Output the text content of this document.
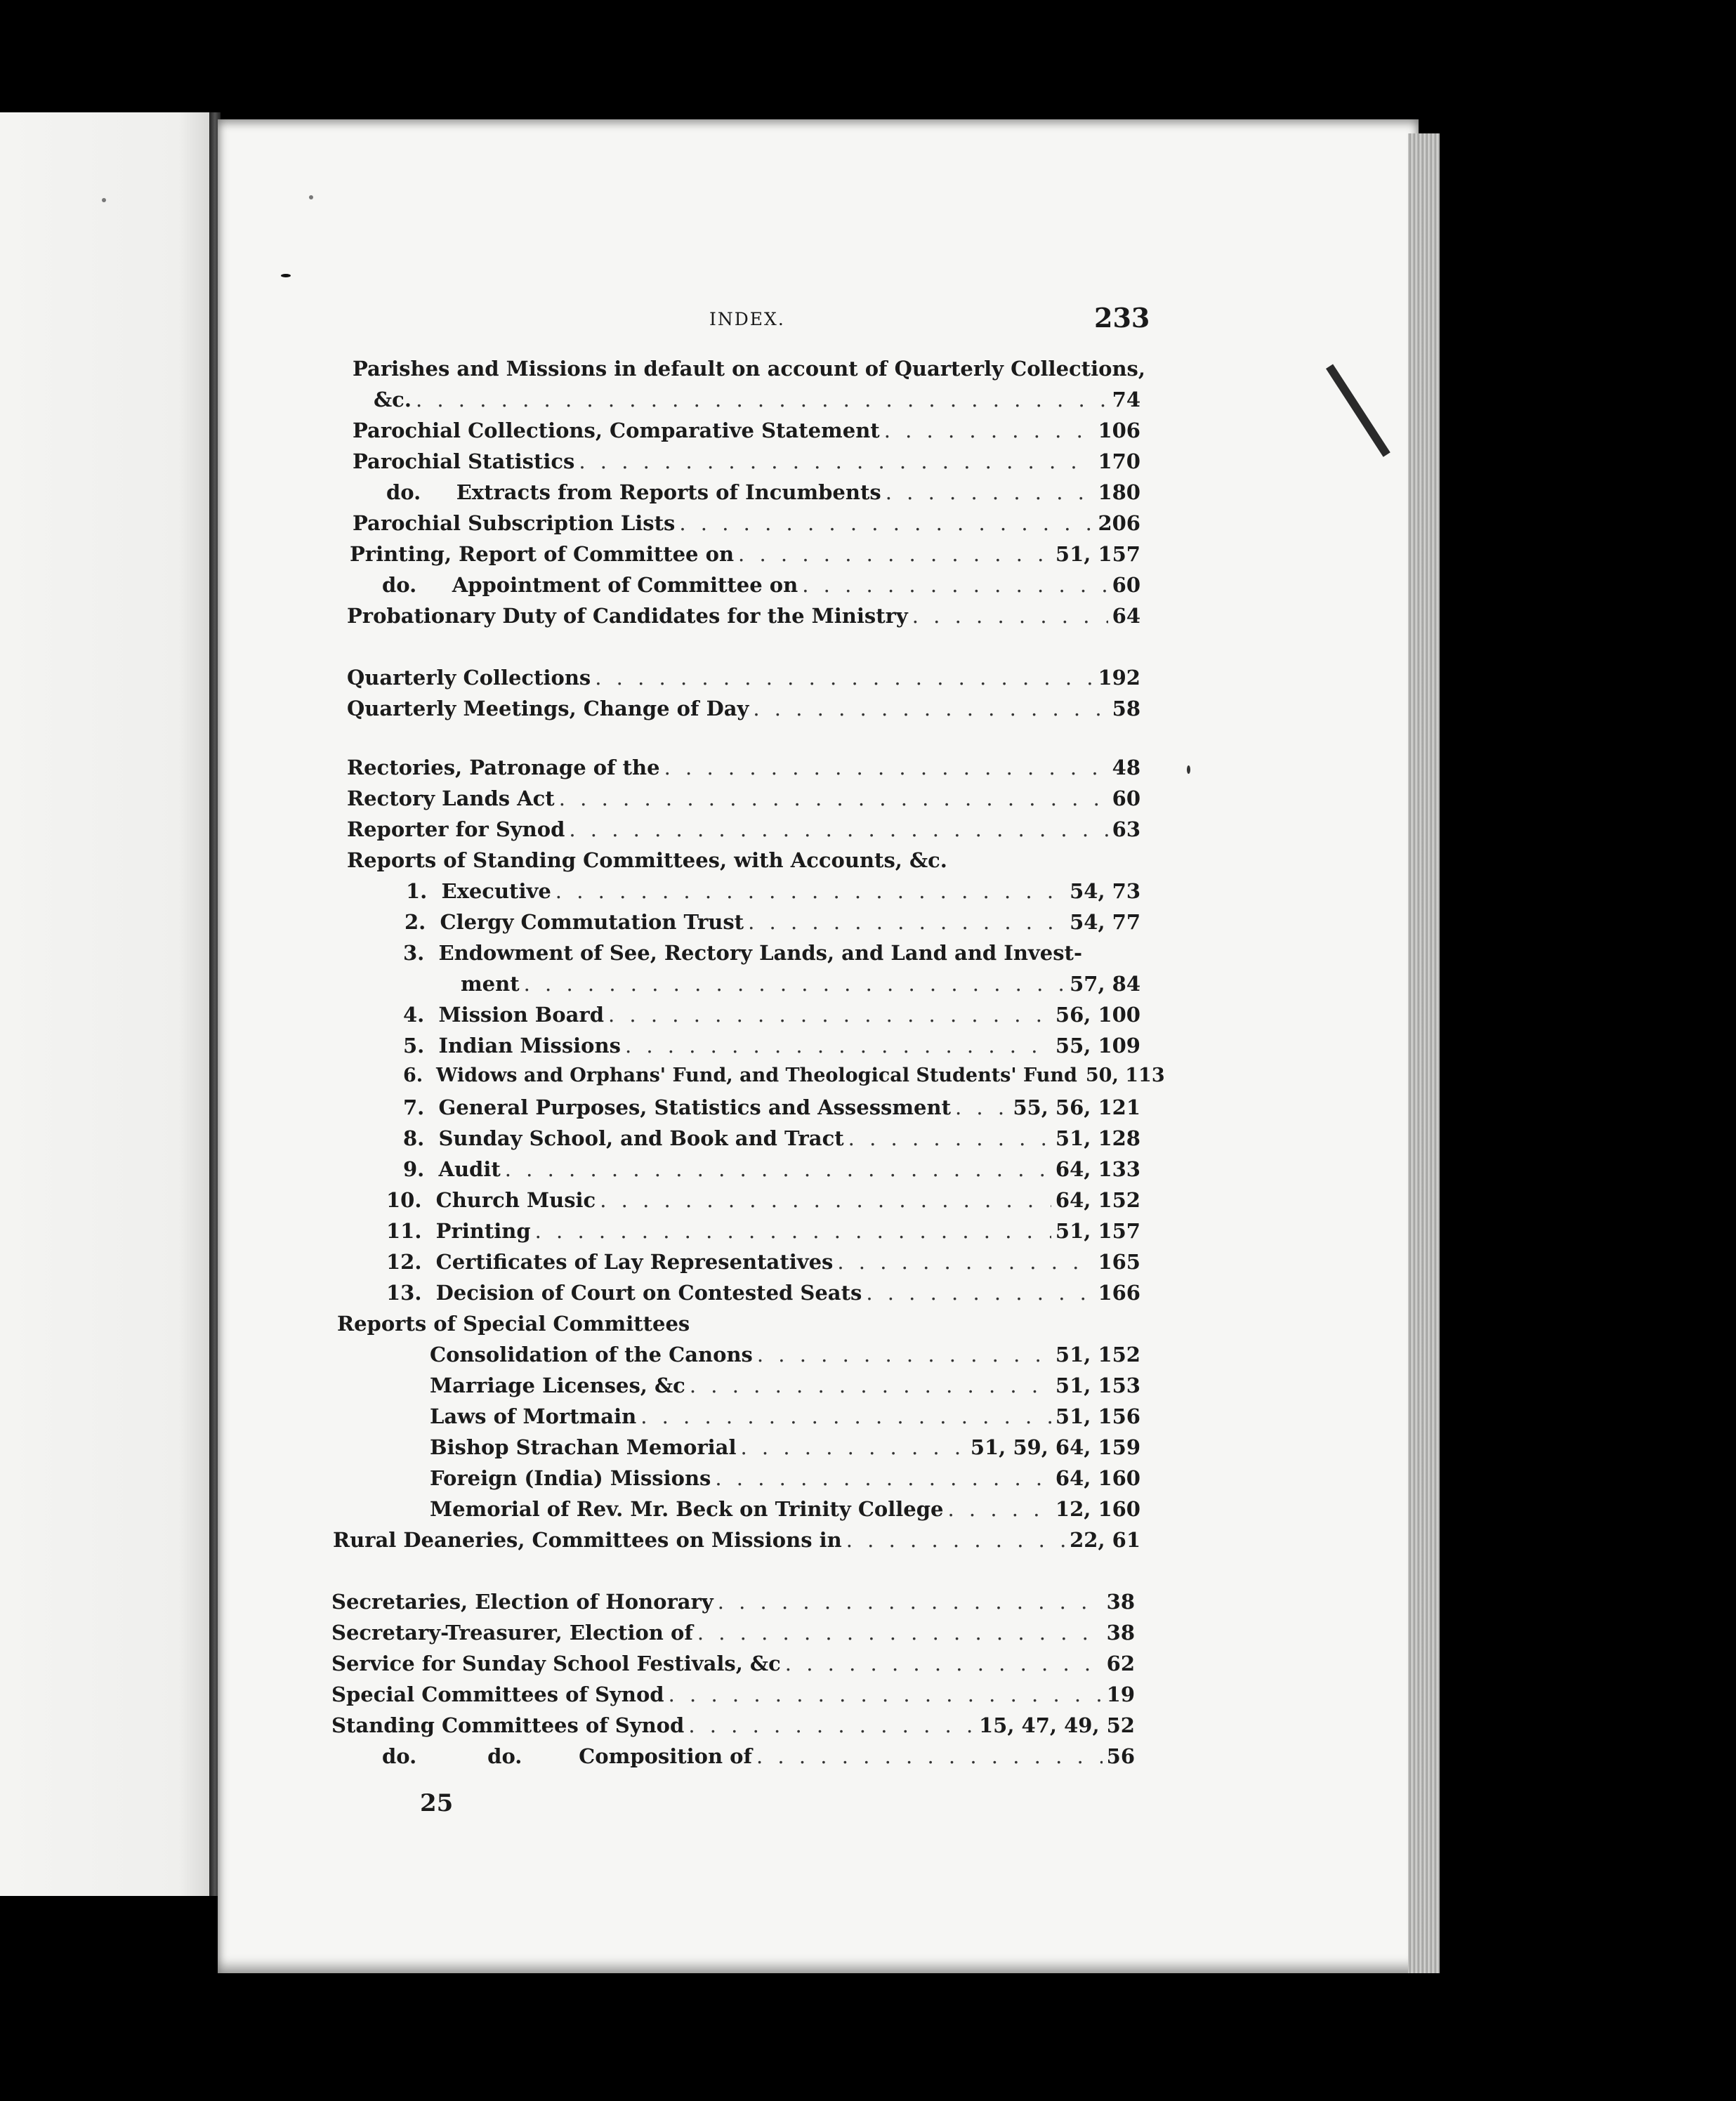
INDEX.	233
Parishes and Missions in default on account of Quarterly Collections,
&c. . . .	74
Parochial Collections, Comparative Statement . . .	106
Parochial Statistics . . .	170
do.     Extracts from Reports of Incumbents . . .	180
Parochial Subscription Lists . . .	206
Printing, Report of Committee on . . .	51, 157
do.     Appointment of Committee on . . .	60
Probationary Duty of Candidates for the Ministry . . .	64
Quarterly Collections . . .	192
Quarterly Meetings, Change of Day . . .	58
Rectories, Patronage of the . . .	48
Rectory Lands Act . . .	60
Reporter for Synod . . .	63
Reports of Standing Committees, with Accounts, &c.
1.  Executive . . .	54, 73
2.  Clergy Commutation Trust . . .	54, 77
3.  Endowment of See, Rectory Lands, and Land and Invest-
ment . . .	57, 84
4.  Mission Board . . .	56, 100
5.  Indian Missions . . .	55, 109
6.  Widows and Orphans' Fund, and Theological Students' Fund 50, 113
7.  General Purposes, Statistics and Assessment . . .	55, 56, 121
8.  Sunday School, and Book and Tract . . .	51, 128
9.  Audit . . .	64, 133
10.  Church Music . . .	64, 152
11.  Printing . . .	51, 157
12.  Certificates of Lay Representatives . . .	165
13.  Decision of Court on Contested Seats . . .	166
Reports of Special Committees
Consolidation of the Canons . . .	51, 152
Marriage Licenses, &c . . .	51, 153
Laws of Mortmain . . .	51, 156
Bishop Strachan Memorial . . .	51, 59, 64, 159
Foreign (India) Missions . . .	64, 160
Memorial of Rev. Mr. Beck on Trinity College . . .	12, 160
Rural Deaneries, Committees on Missions in . . .	22, 61
Secretaries, Election of Honorary . . .	38
Secretary-Treasurer, Election of . . .	38
Service for Sunday School Festivals, &c . . .	62
Special Committees of Synod . . .	19
Standing Committees of Synod . . .	15, 47, 49, 52
do.          do.        Composition of . . .	56
25
